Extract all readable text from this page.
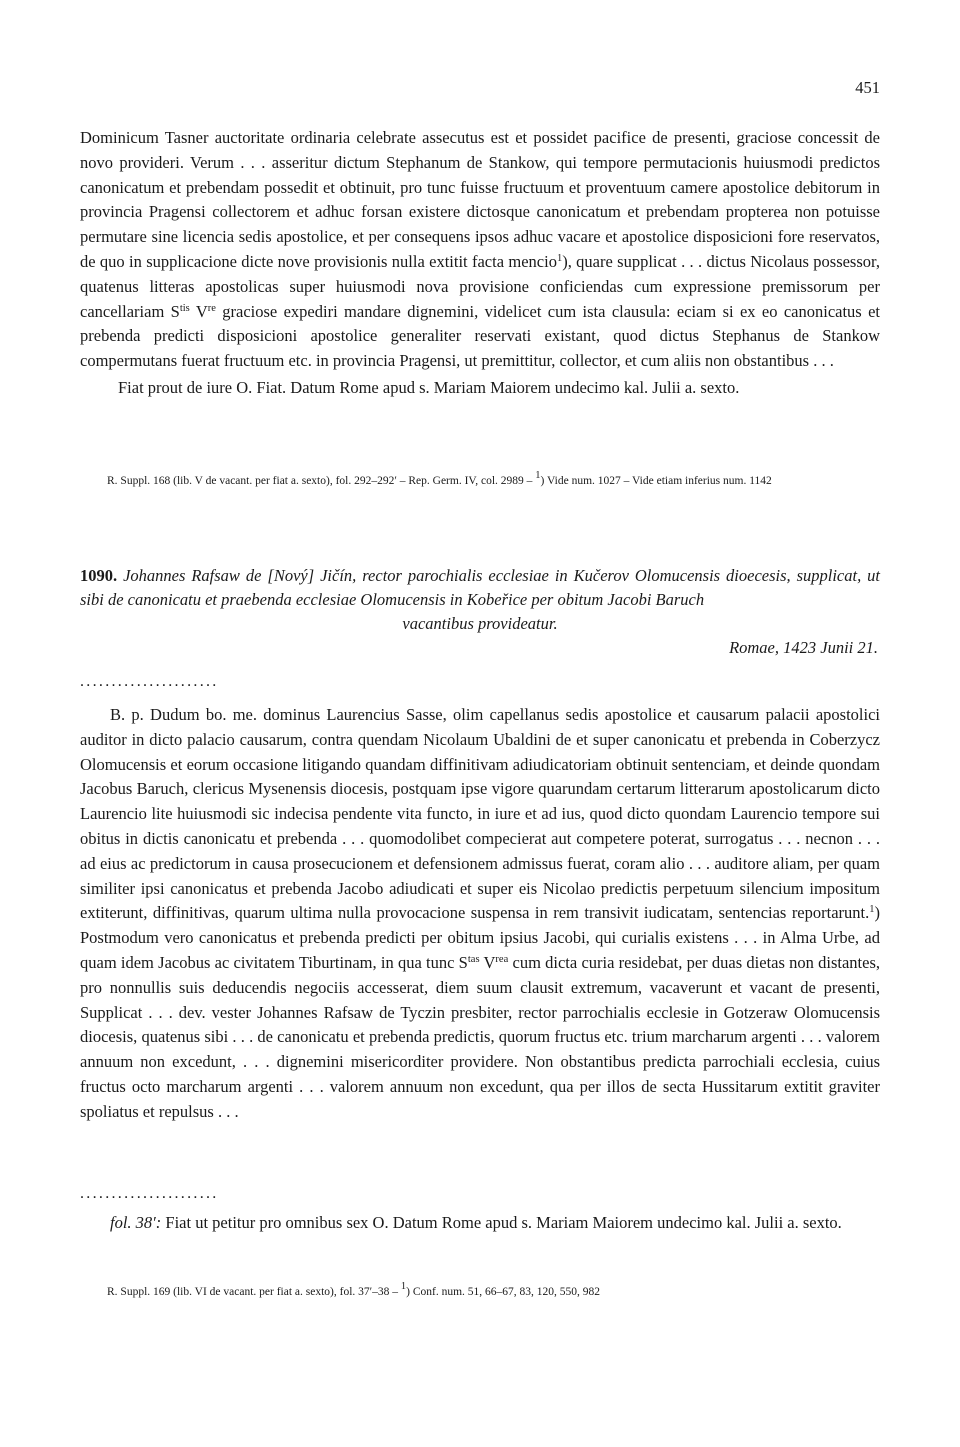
451

Dominicum Tasner auctoritate ordinaria celebrate assecutus est et possidet pacifice de presenti, graciose concessit de novo provideri. Verum . . . asseritur dictum Stephanum de Stankow, qui tempore permutacionis huiusmodi predictos canonicatum et prebendam possedit et obtinuit, pro tunc fuisse fructuum et proventuum camere apostolice debitorum in provincia Pragensi collectorem et adhuc forsan existere dictosque canonicatum et prebendam propterea non potuisse permutare sine licencia sedis apostolice, et per consequens ipsos adhuc vacare et apostolice disposicioni fore reservatos, de quo in supplicacione dicte nove provisionis nulla extitit facta mencio$^1$), quare supplicat . . . dictus Nicolaus possessor, quatenus litteras apostolicas super huiusmodi nova provisione conficiendas cum expressione premissorum per cancellariam $S^{tis}$ Vre graciose expediri mandare dignemini, videlicet cum ista clausula: eciam si ex eo canonicatus et prebenda predicti disposicioni apostolice generaliter reservati existant, quod dictus Stephanus de Stankow compermutans fuerat fructuum etc. in provincia Pragensi, ut premittitur, collector, et cum aliis non obstantibus . . .

Fiat prout de iure O. Fiat. Datum Rome apud s. Mariam Maiorem undecimo kal. Julii a. sexto.

R. Suppl. 168 (lib. V de vacant. per fiat a. sexto), fol. 292–292′ – Rep. Germ. IV, col. 2989 – $^1$) Vide num. 1027 – Vide etiam inferius num. 1142

1090. Johannes Rafsaw de [Nový] Jičín, rector parochialis ecclesiae in Kučerov Olomucensis dioecesis, supplicat, ut sibi de canonicatu et praebenda ecclesiae Olomucensis in Kobeřice per obitum Jacobi Baruch

vacantibus provideatur.

Romae, 1423 Junii 21.

......................

B. p. Dudum bo. me. dominus Laurencius Sasse, olim capellanus sedis apostolice et causarum palacii apostolici auditor in dicto palacio causarum, contra quendam Nicolaum Ubaldini de et super canonicatu et prebenda in Coberzycz Olomucensis et eorum occasione litigando quandam diffinitivam adiudicatoriam obtinuit sentenciam, et deinde quondam Jacobus Baruch, clericus Mysenensis diocesis, postquam ipse vigore quarundam certarum litterarum apostolicarum dicto Laurencio lite huiusmodi sic indecisa pendente vita functo, in iure et ad ius, quod dicto quondam Laurencio tempore sui obitus in dictis canonicatu et prebenda . . . quomodolibet compecierat aut competere poterat, surrogatus . . . necnon . . . ad eius ac predictorum in causa prosecucionem et defensionem admissus fuerat, coram alio . . . auditore aliam, per quam similiter ipsi canonicatus et prebenda Jacobo adiudicati et super eis Nicolao predictis perpetuum silencium impositum extiterunt, diffinitivas, quarum ultima nulla provocacione suspensa in rem transivit iudicatam, sentencias reportarunt.$^1$) Postmodum vero canonicatus et prebenda predicti per obitum ipsius Jacobi, qui curialis existens . . . in Alma Urbe, ad quam idem Jacobus ac civitatem Tiburtinam, in qua tunc $S^{tas}$ $V^{rea}$ cum dicta curia residebat, per duas dietas non distantes, pro nonnullis suis deducendis negociis accesserat, diem suum clausit extremum, vacaverunt et vacant de presenti, Supplicat . . . dev. vester Johannes Rafsaw de Tyczin presbiter, rector parrochialis ecclesie in Gotzeraw Olomucensis diocesis, quatenus sibi . . . de canonicatu et prebenda predictis, quorum fructus etc. trium marcharum argenti . . . valorem annuum non excedunt, . . . dignemini misericorditer providere. Non obstantibus predicta parrochiali ecclesia, cuius fructus octo marcharum argenti . . . valorem annuum non excedunt, qua per illos de secta Hussitarum extitit graviter spoliatus et repulsus . . .

......................

fol. 38′: Fiat ut petitur pro omnibus sex O. Datum Rome apud s. Mariam Maiorem undecimo kal. Julii a. sexto.

R. Suppl. 169 (lib. VI de vacant. per fiat a. sexto), fol. 37′–38 – $^1$) Conf. num. 51, 66–67, 83, 120, 550, 982
